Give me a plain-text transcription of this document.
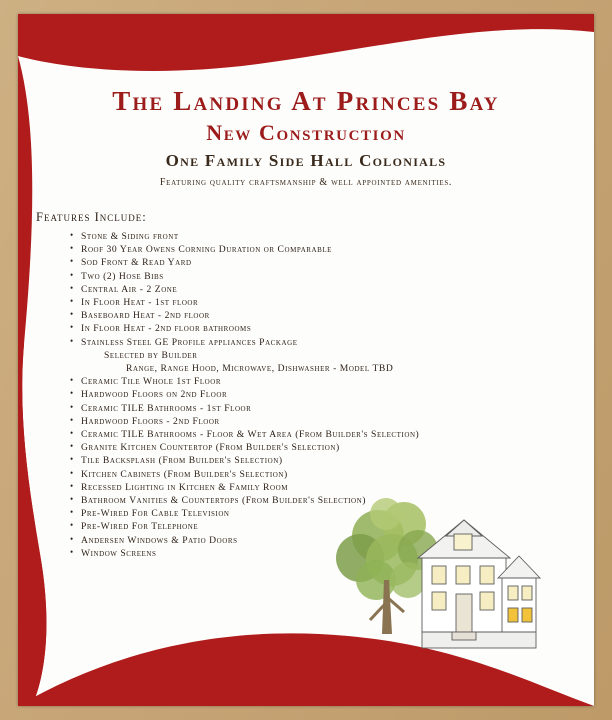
The Landing At Princes Bay
New Construction
One Family Side Hall Colonials
Featuring quality craftsmanship & well appointed amenities.
Features Include:
• Stone & Siding front
• Roof 30 Year Owens Corning Duration or Comparable
• Sod Front & Read Yard
• Two (2) Hose Bibs
• Central Air - 2 Zone
• In Floor Heat - 1st floor
• Baseboard Heat - 2nd floor
• In Floor Heat - 2nd floor bathrooms
• Stainless Steel GE Profile appliances Package
Selected by Builder
Range, Range Hood, Microwave, Dishwasher - Model TBD
• Ceramic Tile Whole 1st Floor
• Hardwood Floors on 2nd Floor
• Ceramic TILE Bathrooms - 1st Floor
• Hardwood Floors - 2nd Floor
• Ceramic TILE Bathrooms - Floor & Wet Area (From Builder's Selection)
• Granite Kitchen Countertop (From Builder's Selection)
• Tile Backsplash (From Builder's Selection)
• Kitchen Cabinets (From Builder's Selection)
• Recessed Lighting in Kitchen & Family Room
• Bathroom Vanities & Countertops (From Builder's Selection)
• Pre-Wired For Cable Television
• Pre-Wired For Telephone
• Andersen Windows & Patio Doors
• Window Screens
